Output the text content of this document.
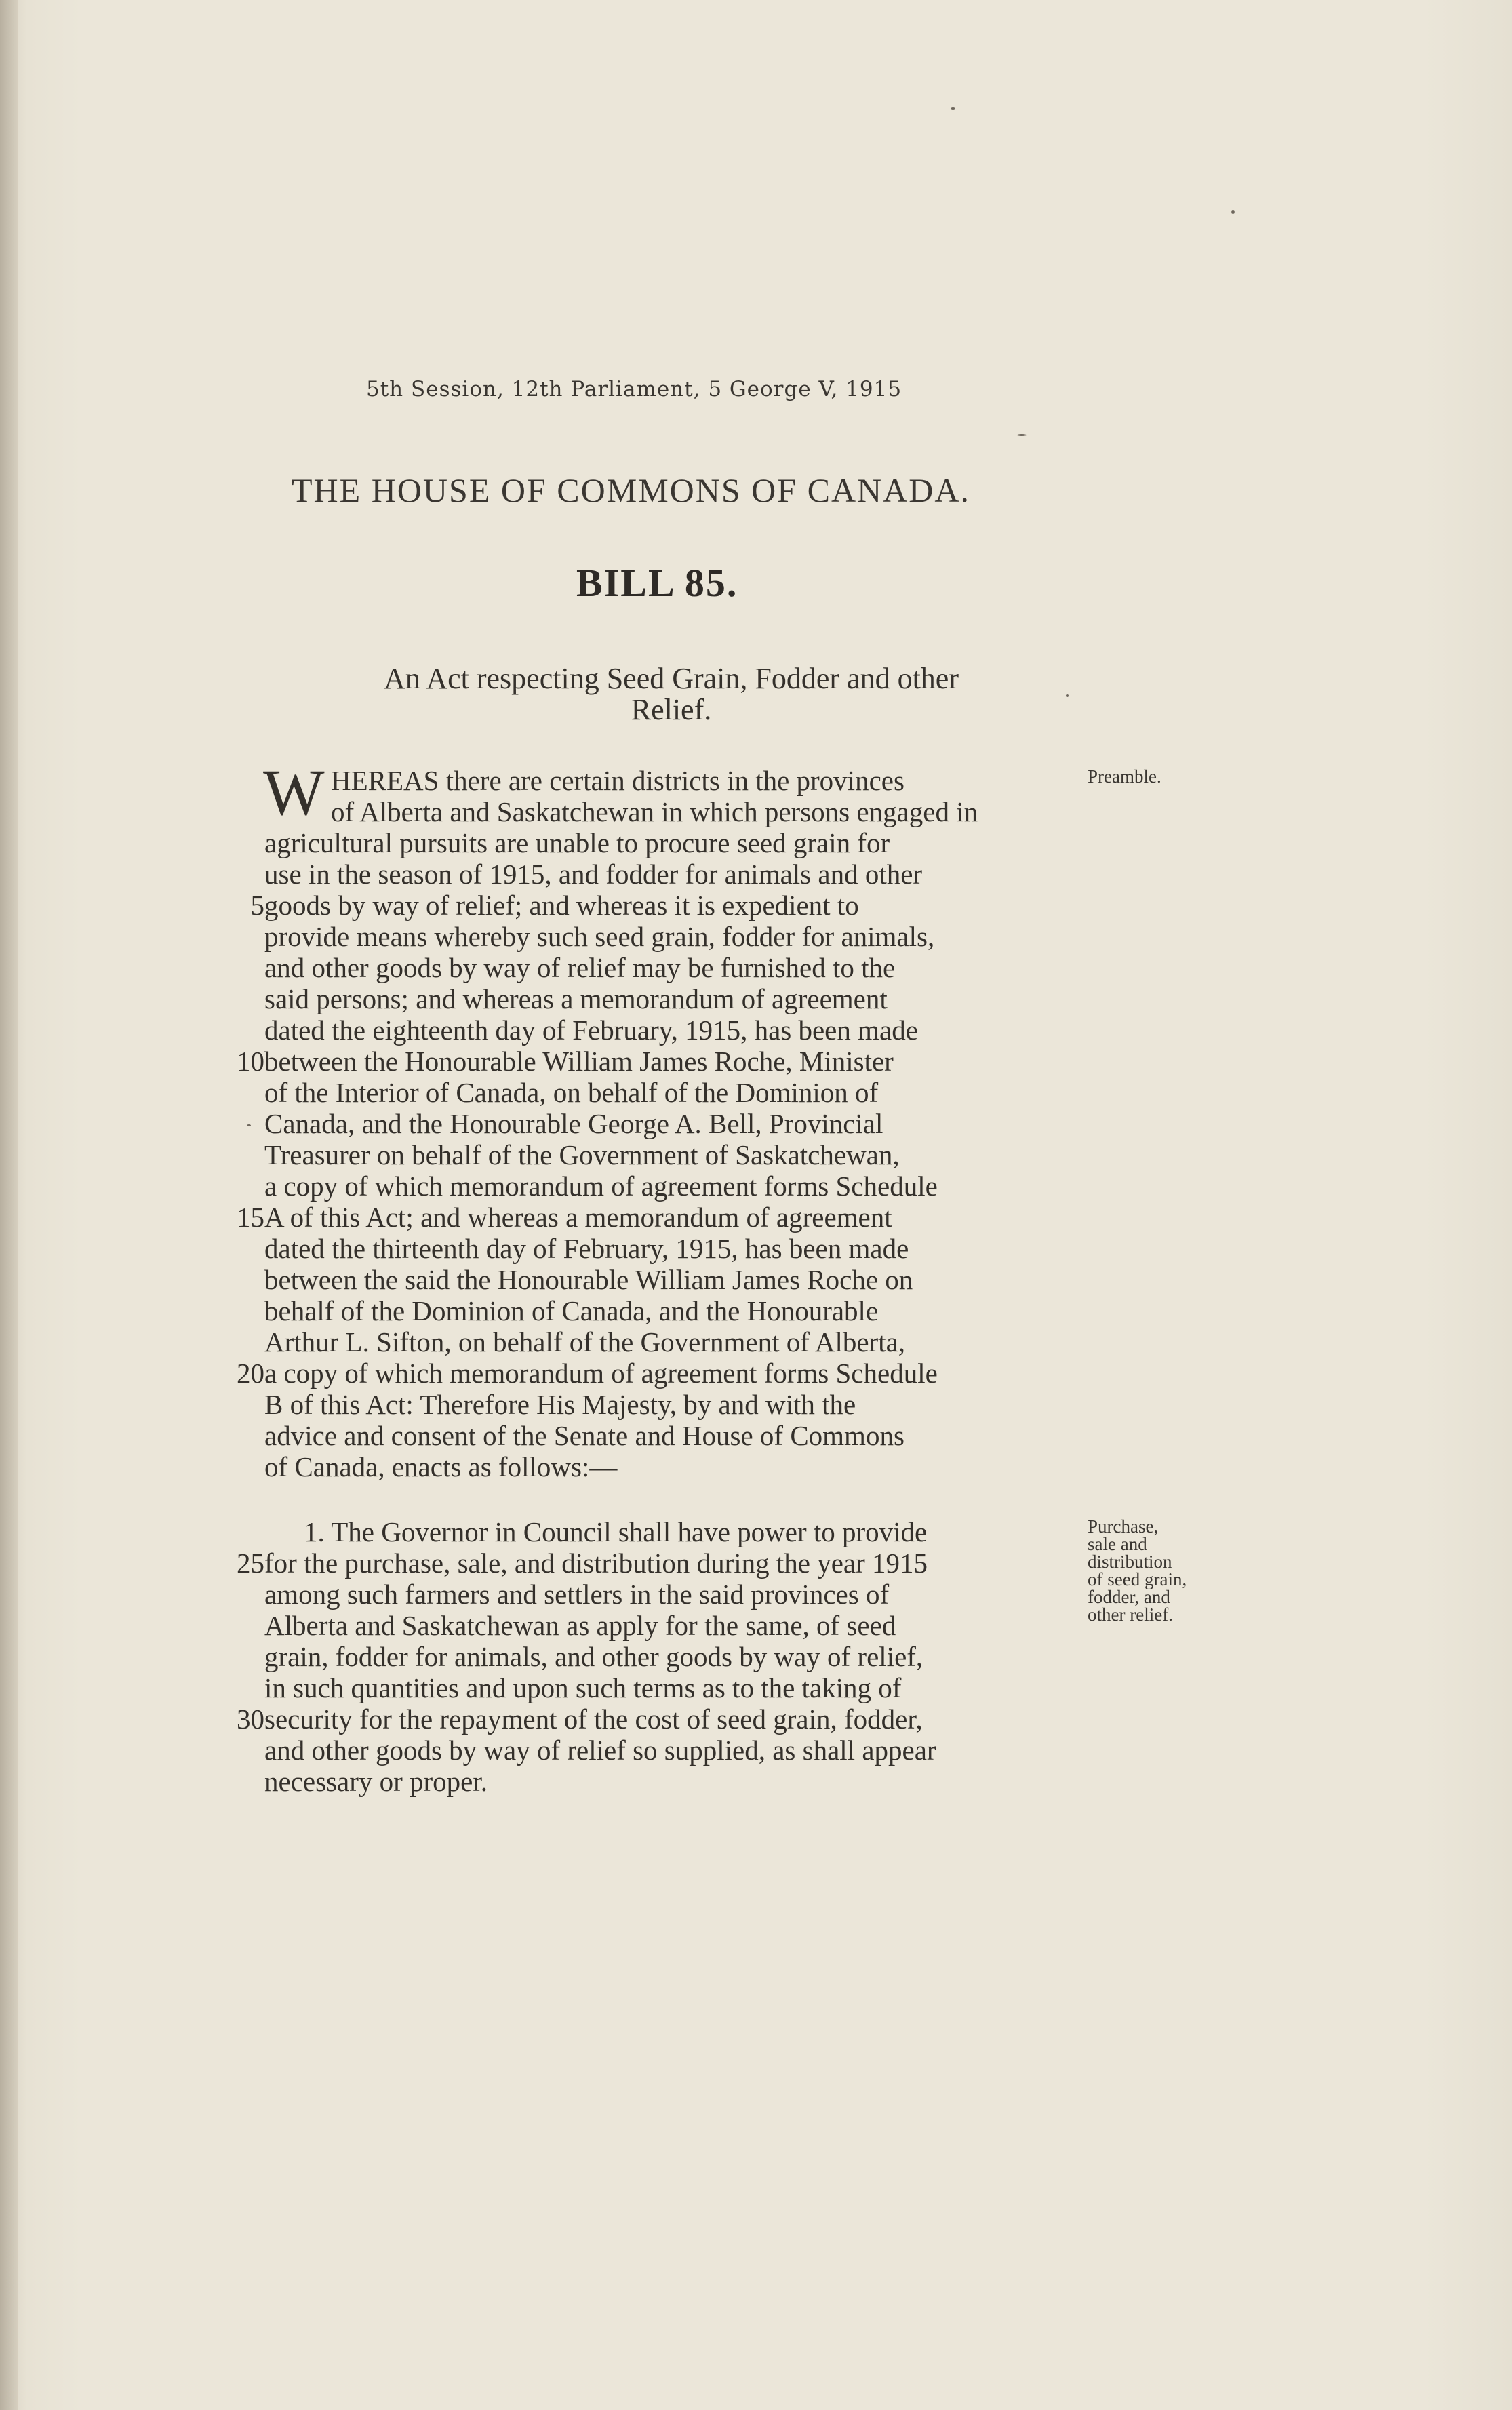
5th Session, 12th Parliament, 5 George V, 1915
THE HOUSE OF COMMONS OF CANADA.
BILL 85.
An Act respecting Seed Grain, Fodder and other
Relief.
W HEREAS there are certain districts in the provinces
of Alberta and Saskatchewan in which persons engaged in
agricultural pursuits are unable to procure seed grain for
use in the season of 1915, and fodder for animals and other
goods by way of relief; and whereas it is expedient to
provide means whereby such seed grain, fodder for animals,
and other goods by way of relief may be furnished to the
said persons; and whereas a memorandum of agreement
dated the eighteenth day of February, 1915, has been made
between the Honourable William James Roche, Minister
of the Interior of Canada, on behalf of the Dominion of
Canada, and the Honourable George A. Bell, Provincial
Treasurer on behalf of the Government of Saskatchewan,
a copy of which memorandum of agreement forms Schedule
A of this Act; and whereas a memorandum of agreement
dated the thirteenth day of February, 1915, has been made
between the said the Honourable William James Roche on
behalf of the Dominion of Canada, and the Honourable
Arthur L. Sifton, on behalf of the Government of Alberta,
a copy of which memorandum of agreement forms Schedule
B of this Act: Therefore His Majesty, by and with the
advice and consent of the Senate and House of Commons
of Canada, enacts as follows:—
5
10
15
20
Preamble.
1. The Governor in Council shall have power to provide
for the purchase, sale, and distribution during the year 1915
among such farmers and settlers in the said provinces of
Alberta and Saskatchewan as apply for the same, of seed
grain, fodder for animals, and other goods by way of relief,
in such quantities and upon such terms as to the taking of
security for the repayment of the cost of seed grain, fodder,
and other goods by way of relief so supplied, as shall appear
necessary or proper.
25
30
Purchase,
sale and
distribution
of seed grain,
fodder, and
other relief.
